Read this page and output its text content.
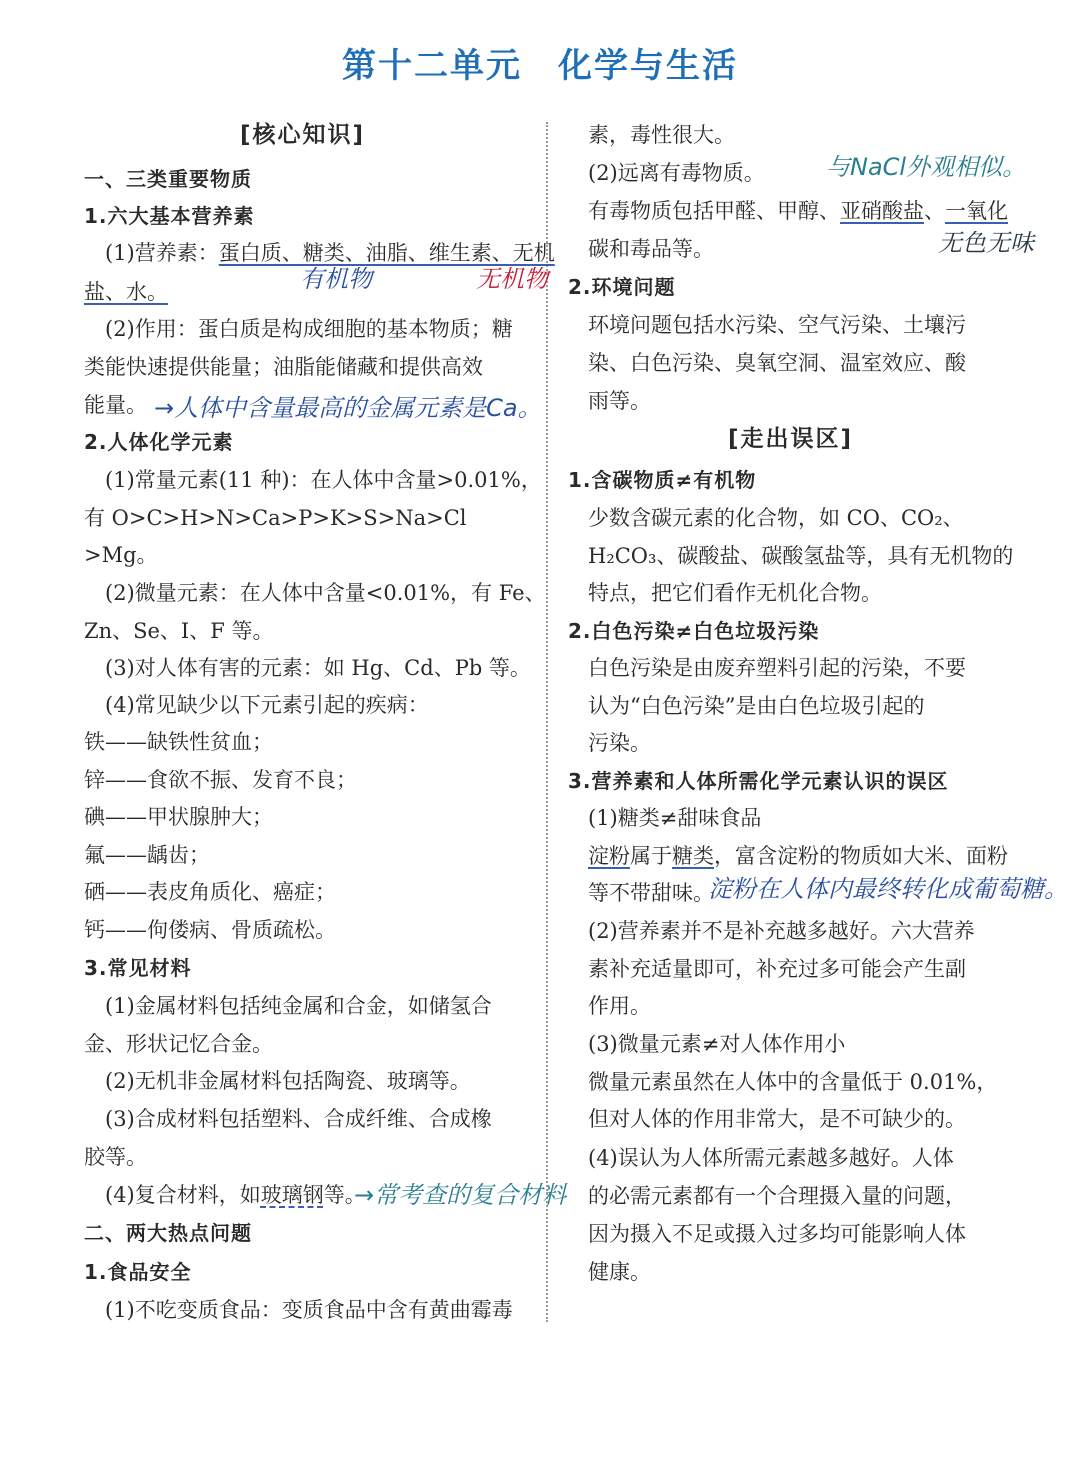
第十二单元　化学与生活
[核心知识]
一、三类重要物质
1.六大基本营养素
(1)营养素：蛋白质、糖类、油脂、维生素、无机
盐、水。	有机物	无机物
(2)作用：蛋白质是构成细胞的基本物质；糖
类能快速提供能量；油脂能储藏和提供高效
能量。 →人体中含量最高的金属元素是Ca。
2.人体化学元素
(1)常量元素(11 种)：在人体中含量>0.01%，
有 O>C>H>N>Ca>P>K>S>Na>Cl
>Mg。
(2)微量元素：在人体中含量<0.01%，有 Fe、
Zn、Se、I、F 等。
(3)对人体有害的元素：如 Hg、Cd、Pb 等。
(4)常见缺少以下元素引起的疾病：
铁——缺铁性贫血；
锌——食欲不振、发育不良；
碘——甲状腺肿大；
氟——龋齿；
硒——表皮角质化、癌症；
钙——佝偻病、骨质疏松。
3.常见材料
(1)金属材料包括纯金属和合金，如储氢合
金、形状记忆合金。
(2)无机非金属材料包括陶瓷、玻璃等。
(3)合成材料包括塑料、合成纤维、合成橡
胶等。
(4)复合材料，如玻璃钢等。
→常考查的复合材料
二、两大热点问题
1.食品安全
(1)不吃变质食品：变质食品中含有黄曲霉毒
素，毒性很大。
(2)远离有毒物质。	与NaCl外观相似。
有毒物质包括甲醛、甲醇、亚硝酸盐、一氧化
碳和毒品等。	无色无味
2.环境问题
环境问题包括水污染、空气污染、土壤污
染、白色污染、臭氧空洞、温室效应、酸
雨等。
[走出误区]
1.含碳物质≠有机物
少数含碳元素的化合物，如 CO、CO₂、
H₂CO₃、碳酸盐、碳酸氢盐等，具有无机物的
特点，把它们看作无机化合物。
2.白色污染≠白色垃圾污染
白色污染是由废弃塑料引起的污染，不要
认为“白色污染”是由白色垃圾引起的
污染。
3.营养素和人体所需化学元素认识的误区
(1)糖类≠甜味食品
淀粉属于糖类，富含淀粉的物质如大米、面粉
等不带甜味。
淀粉在人体内最终转化成葡萄糖。
(2)营养素并不是补充越多越好。六大营养
素补充适量即可，补充过多可能会产生副
作用。
(3)微量元素≠对人体作用小
微量元素虽然在人体中的含量低于 0.01%，
但对人体的作用非常大，是不可缺少的。
(4)误认为人体所需元素越多越好。人体
的必需元素都有一个合理摄入量的问题，
因为摄入不足或摄入过多均可能影响人体
健康。
